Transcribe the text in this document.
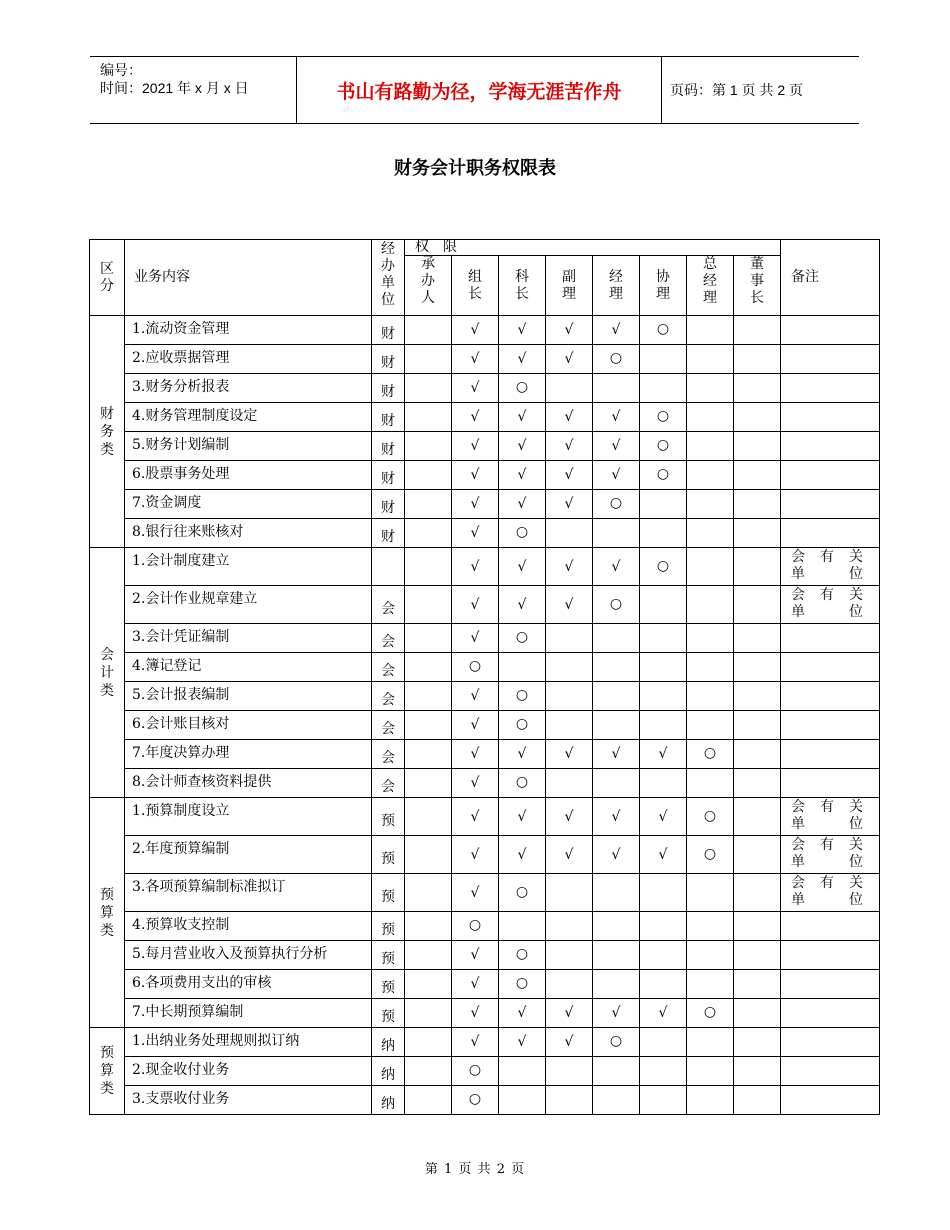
编号：
时间：2021 年 x 月 x 日	书山有路勤为径，学海无涯苦作舟	页码：第 1 页 共 2 页
财务会计职务权限表
区分	业务内容	经办单位	权　限								备注

			承办人	组长	科长	副理	经理	协理	总经理	董事长	

财务类	1.流动资金管理	财		√	√	√	√	○			
	2.应收票据管理	财		√	√	√	○				
	3.财务分析报表	财		√	○						
	4.财务管理制度设定	财		√	√	√	√	○			
	5.财务计划编制	财		√	√	√	√	○			
	6.股票事务处理	财		√	√	√	√	○			
	7.资金调度	财		√	√	√	○				
	8.银行往来账核对	财		√	○						

会计类	1.会计制度建立			√	√	√	√	○			会有关单位
	2.会计作业规章建立	会		√	√	√	○				会有关单位
	3.会计凭证编制	会		√	○						
	4.簿记登记	会		○							
	5.会计报表编制	会		√	○						
	6.会计账目核对	会		√	○						
	7.年度决算办理	会		√	√	√	√	√	○		
	8.会计师查核资料提供	会		√	○						

预算类	1.预算制度设立	预		√	√	√	√	√	○		会有关单位
	2.年度预算编制	预		√	√	√	√	√	○		会有关单位
	3.各项预算编制标准拟订	预		√	○						会有关单位
	4.预算收支控制	预		○							
	5.每月营业收入及预算执行分析	预		√	○						
	6.各项费用支出的审核	预		√	○						
	7.中长期预算编制	预		√	√	√	√	√	○		

预算类	1.出纳业务处理规则拟订纳	纳		√	√	√	○				
	2.现金收付业务	纳		○							
	3.支票收付业务	纳		○							
第 1 页 共 2 页
